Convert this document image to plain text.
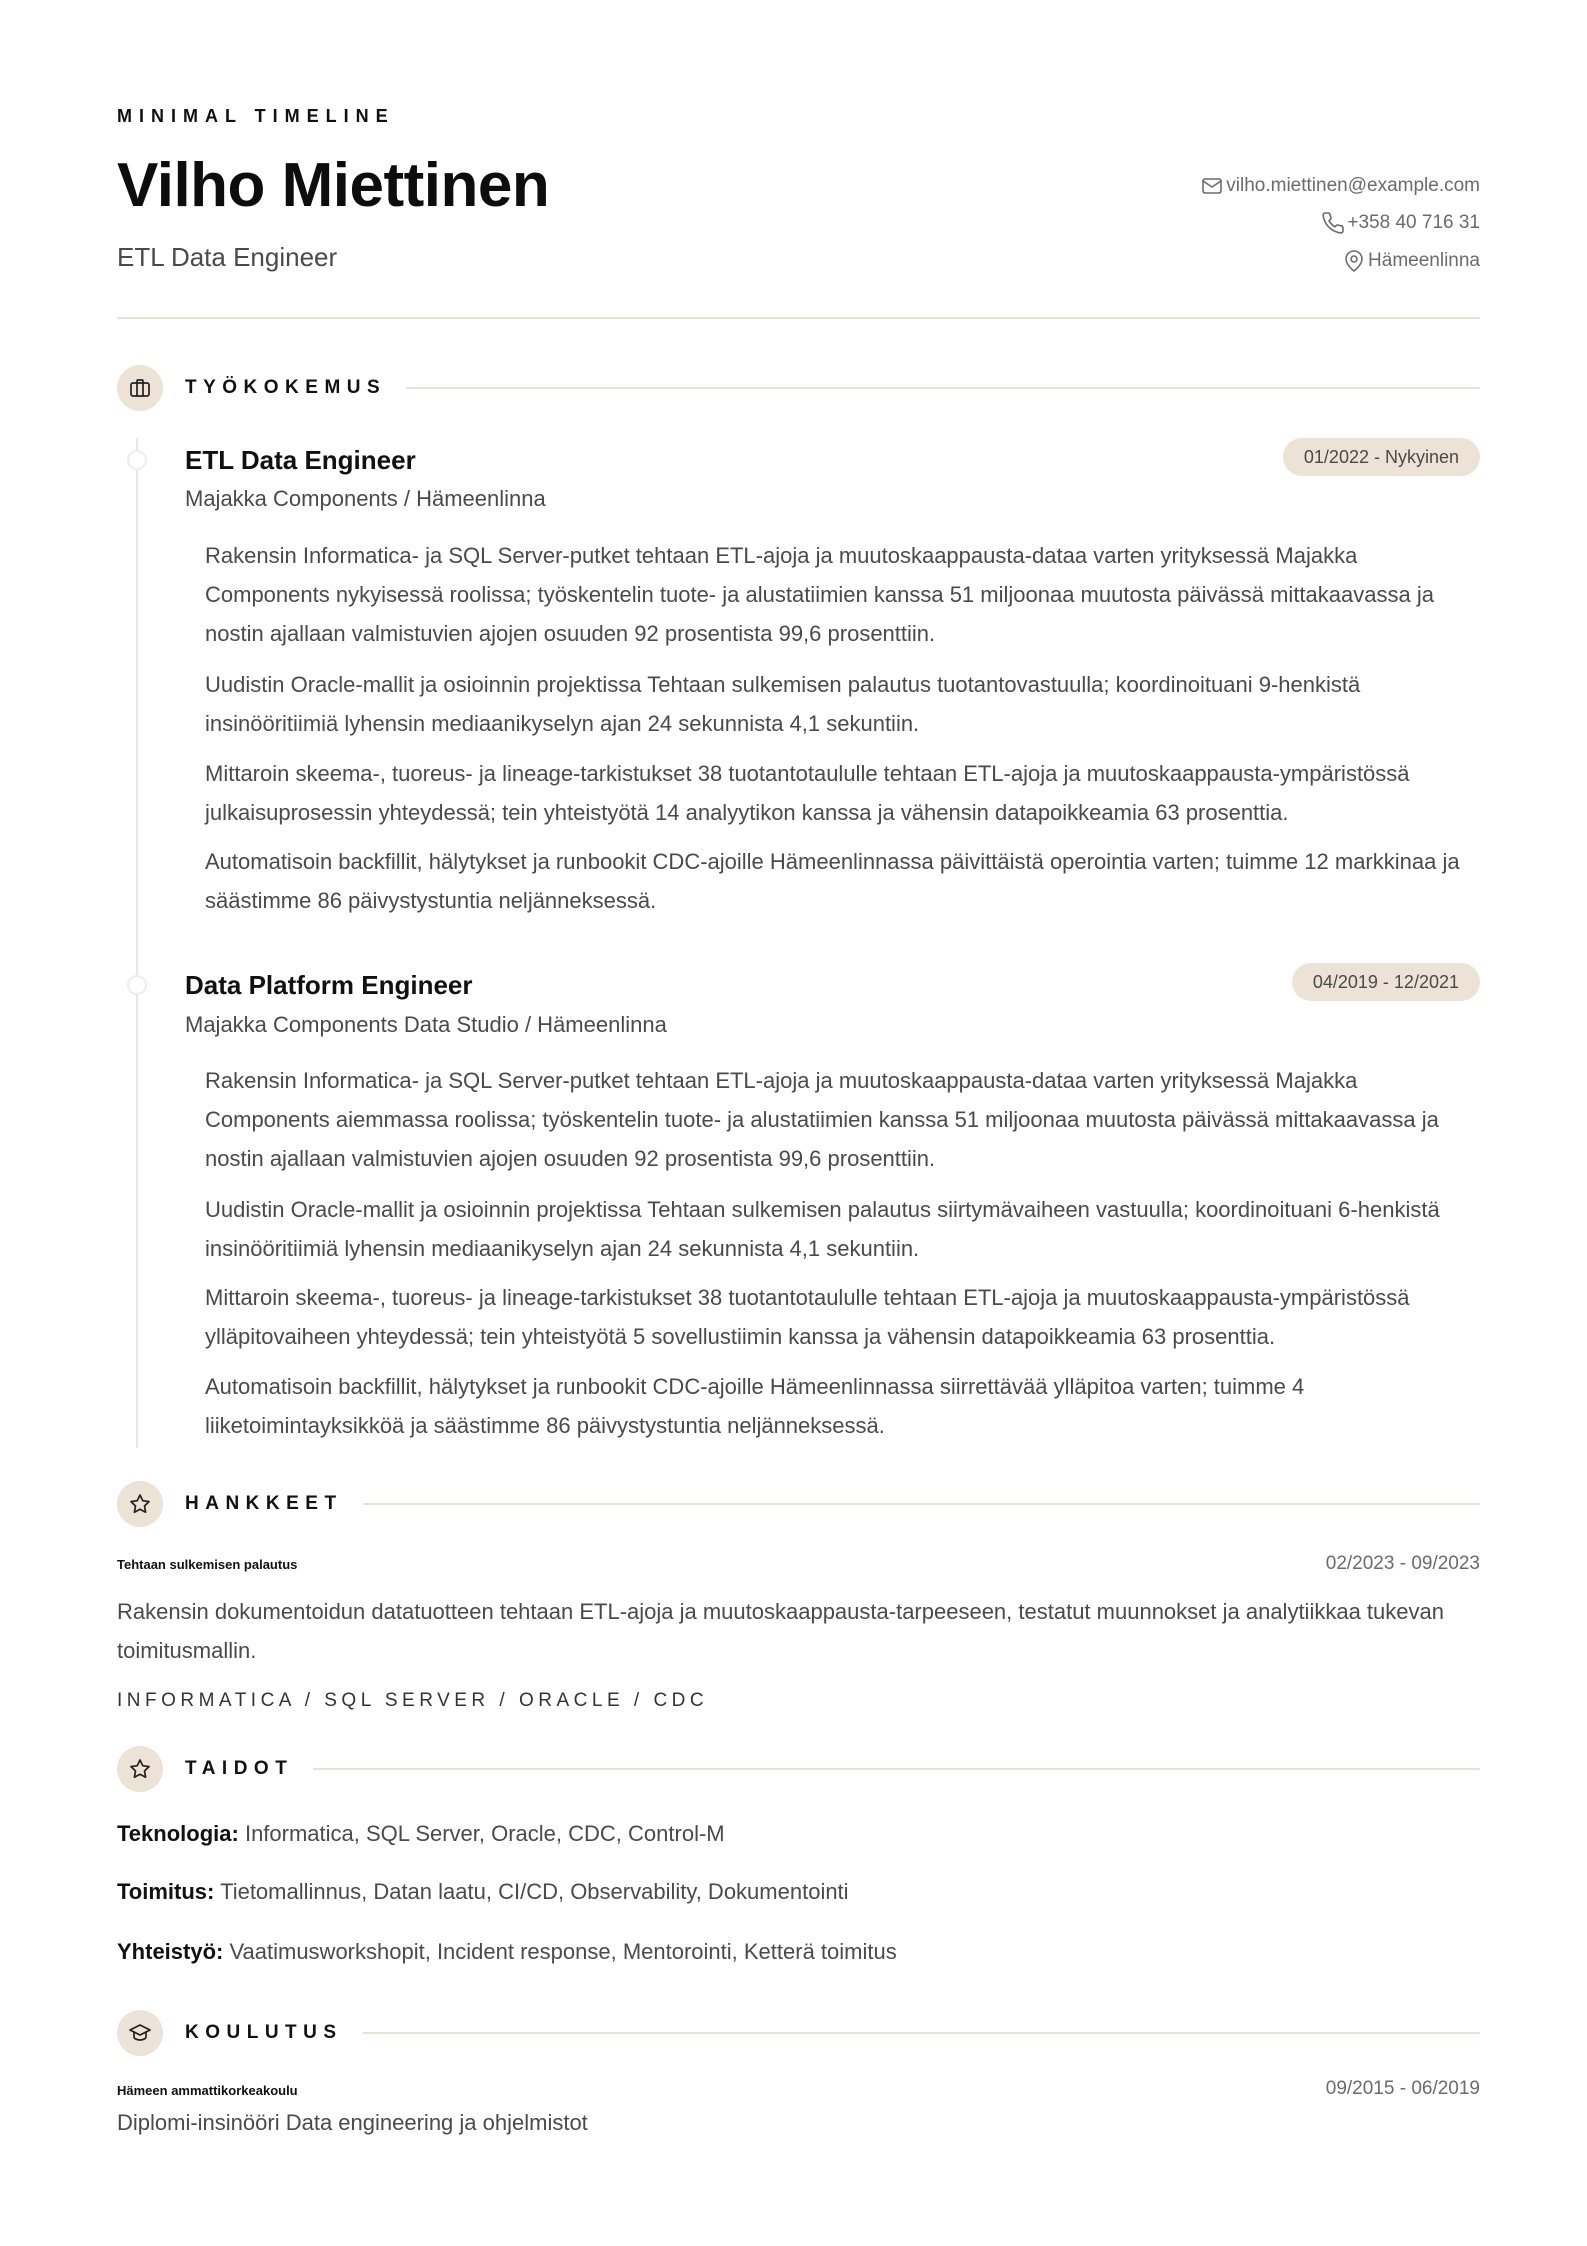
MINIMAL TIMELINE
Vilho Miettinen
ETL Data Engineer
vilho.miettinen@example.com
+358 40 716 31
Hämeenlinna
TYÖKOKEMUS
ETL Data Engineer	01/2022 - Nykyinen
Majakka Components / Hämeenlinna
Rakensin Informatica- ja SQL Server-putket tehtaan ETL-ajoja ja muutoskaappausta-dataa varten yrityksessä Majakka Components nykyisessä roolissa; työskentelin tuote- ja alustatiimien kanssa 51 miljoonaa muutosta päivässä mittakaavassa ja nostin ajallaan valmistuvien ajojen osuuden 92 prosentista 99,6 prosenttiin.
Uudistin Oracle-mallit ja osioinnin projektissa Tehtaan sulkemisen palautus tuotantovastuulla; koordinoituani 9-henkistä insinööritiimiä lyhensin mediaanikyselyn ajan 24 sekunnista 4,1 sekuntiin.
Mittaroin skeema-, tuoreus- ja lineage-tarkistukset 38 tuotantotaululle tehtaan ETL-ajoja ja muutoskaappausta-ympäristössä julkaisuprosessin yhteydessä; tein yhteistyötä 14 analyytikon kanssa ja vähensin datapoikkeamia 63 prosenttia.
Automatisoin backfillit, hälytykset ja runbookit CDC-ajoille Hämeenlinnassa päivittäistä operointia varten; tuimme 12 markkinaa ja säästimme 86 päivystystuntia neljänneksessä.
Data Platform Engineer	04/2019 - 12/2021
Majakka Components Data Studio / Hämeenlinna
Rakensin Informatica- ja SQL Server-putket tehtaan ETL-ajoja ja muutoskaappausta-dataa varten yrityksessä Majakka Components aiemmassa roolissa; työskentelin tuote- ja alustatiimien kanssa 51 miljoonaa muutosta päivässä mittakaavassa ja nostin ajallaan valmistuvien ajojen osuuden 92 prosentista 99,6 prosenttiin.
Uudistin Oracle-mallit ja osioinnin projektissa Tehtaan sulkemisen palautus siirtymävaiheen vastuulla; koordinoituani 6-henkistä insinööritiimiä lyhensin mediaanikyselyn ajan 24 sekunnista 4,1 sekuntiin.
Mittaroin skeema-, tuoreus- ja lineage-tarkistukset 38 tuotantotaululle tehtaan ETL-ajoja ja muutoskaappausta-ympäristössä ylläpitovaiheen yhteydessä; tein yhteistyötä 5 sovellustiimin kanssa ja vähensin datapoikkeamia 63 prosenttia.
Automatisoin backfillit, hälytykset ja runbookit CDC-ajoille Hämeenlinnassa siirrettävää ylläpitoa varten; tuimme 4 liiketoimintayksikköä ja säästimme 86 päivystystuntia neljänneksessä.
HANKKEET
Tehtaan sulkemisen palautus	02/2023 - 09/2023
Rakensin dokumentoidun datatuotteen tehtaan ETL-ajoja ja muutoskaappausta-tarpeeseen, testatut muunnokset ja analytiikkaa tukevan toimitusmallin.
INFORMATICA / SQL SERVER / ORACLE / CDC
TAIDOT
Teknologia: Informatica, SQL Server, Oracle, CDC, Control-M
Toimitus: Tietomallinnus, Datan laatu, CI/CD, Observability, Dokumentointi
Yhteistyö: Vaatimusworkshopit, Incident response, Mentorointi, Ketterä toimitus
KOULUTUS
Hämeen ammattikorkeakoulu	09/2015 - 06/2019
Diplomi-insinööri Data engineering ja ohjelmistot
